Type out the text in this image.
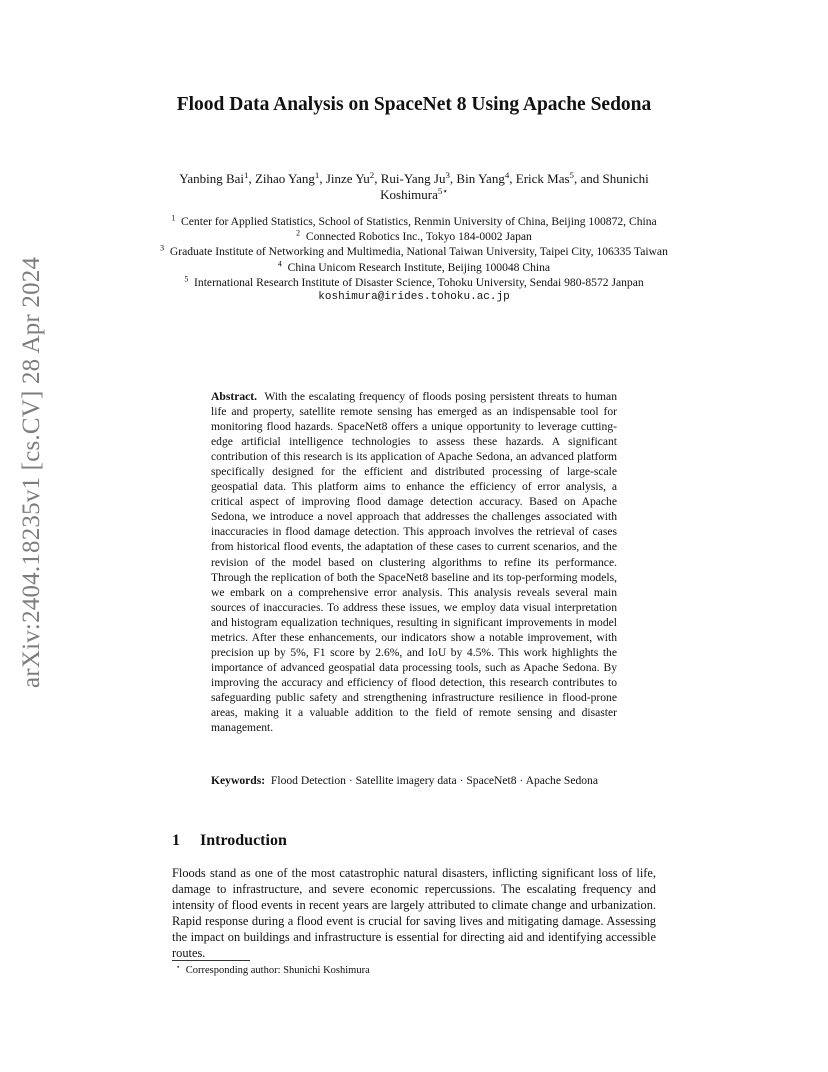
arXiv:2404.18235v1 [cs.CV] 28 Apr 2024
Flood Data Analysis on SpaceNet 8 Using Apache Sedona
Yanbing Bai$^1$, Zihao Yang$^1$, Jinze Yu$^2$, Rui-Yang Ju$^3$, Bin Yang$^4$, Erick Mas$^5$, and Shunichi Koshimura$^{5⋆}$
$^1$ Center for Applied Statistics, School of Statistics, Renmin University of China, Beijing 100872, China
$^2$ Connected Robotics Inc., Tokyo 184-0002 Japan
$^3$ Graduate Institute of Networking and Multimedia, National Taiwan University, Taipei City, 106335 Taiwan
$^4$ China Unicom Research Institute, Beijing 100048 China
$^5$ International Research Institute of Disaster Science, Tohoku University, Sendai 980-8572 Janpan
koshimura@irides.tohoku.ac.jp
Abstract. With the escalating frequency of floods posing persistent threats to human life and property, satellite remote sensing has emerged as an indispensable tool for monitoring flood hazards. SpaceNet8 offers a unique opportunity to leverage cutting-edge artificial intelligence technologies to assess these hazards. A significant contribution of this research is its application of Apache Sedona, an advanced platform specifically designed for the efficient and distributed processing of large-scale geospatial data. This platform aims to enhance the efficiency of error analysis, a critical aspect of improving flood damage detection accuracy. Based on Apache Sedona, we introduce a novel approach that addresses the challenges associated with inaccuracies in flood damage detection. This approach involves the retrieval of cases from historical flood events, the adaptation of these cases to current scenarios, and the revision of the model based on clustering algorithms to refine its performance. Through the replication of both the SpaceNet8 baseline and its top-performing models, we embark on a comprehensive error analysis. This analysis reveals several main sources of inaccuracies. To address these issues, we employ data visual interpretation and histogram equalization techniques, resulting in significant improvements in model metrics. After these enhancements, our indicators show a notable improvement, with precision up by 5%, F1 score by 2.6%, and IoU by 4.5%. This work highlights the importance of advanced geospatial data processing tools, such as Apache Sedona. By improving the accuracy and efficiency of flood detection, this research contributes to safeguarding public safety and strengthening infrastructure resilience in flood-prone areas, making it a valuable addition to the field of remote sensing and disaster management.
Keywords: Flood Detection · Satellite imagery data · SpaceNet8 · Apache Sedona
1 Introduction
Floods stand as one of the most catastrophic natural disasters, inflicting significant loss of life, damage to infrastructure, and severe economic repercussions. The escalating frequency and intensity of flood events in recent years are largely attributed to climate change and urbanization. Rapid response during a flood event is crucial for saving lives and mitigating damage. Assessing the impact on buildings and infrastructure is essential for directing aid and identifying accessible routes.
⋆ Corresponding author: Shunichi Koshimura
